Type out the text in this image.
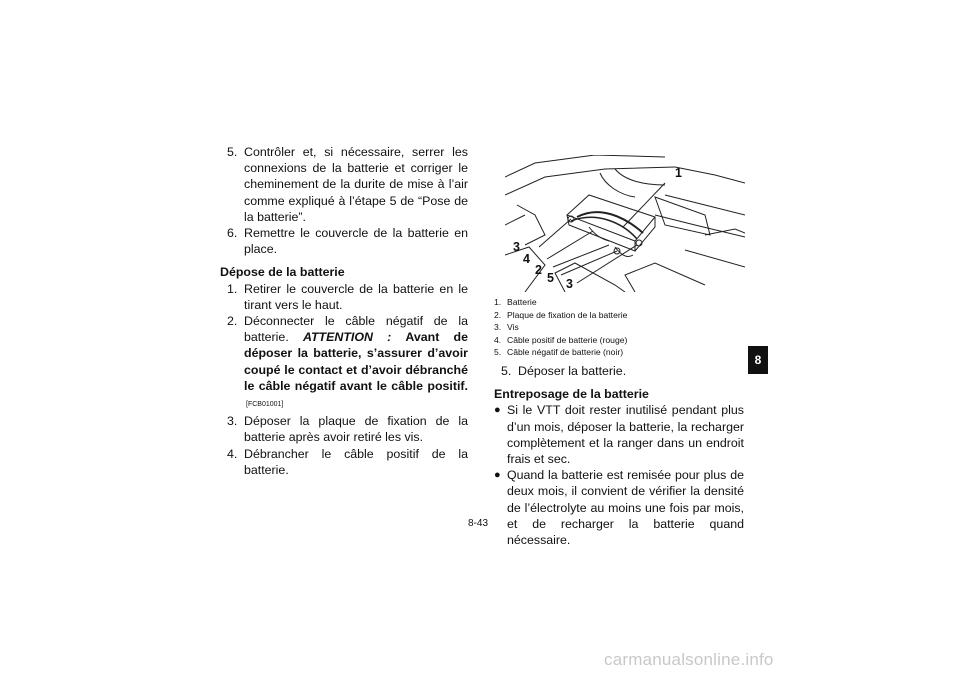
5. Contrôler et, si nécessaire, serrer les connexions de la batterie et corriger le cheminement de la durite de mise à l’air comme expliqué à l’étape 5 de “Pose de la batterie”.
6. Remettre le couvercle de la batterie en place.
Dépose de la batterie
1. Retirer le couvercle de la batterie en le tirant vers le haut.
2. Déconnecter le câble négatif de la batterie. ATTENTION : Avant de déposer la batterie, s’assurer d’avoir coupé le contact et d’avoir débranché le câble négatif avant le câble positif.[FCB01001]
3. Déposer la plaque de fixation de la batterie après avoir retiré les vis.
4. Débrancher le câble positif de la batterie.
1
3
4
2
5 3
1. Batterie
2. Plaque de fixation de la batterie
3. Vis
4. Câble positif de batterie (rouge)
5. Câble négatif de batterie (noir)
5. Déposer la batterie.
Entreposage de la batterie
● Si le VTT doit rester inutilisé pendant plus d’un mois, déposer la batterie, la recharger complètement et la ranger dans un endroit frais et sec.
● Quand la batterie est remisée pour plus de deux mois, il convient de vérifier la densité de l’électrolyte au moins une fois par mois, et de recharger la batterie quand nécessaire.
8
8-43
carmanualsonline.info
